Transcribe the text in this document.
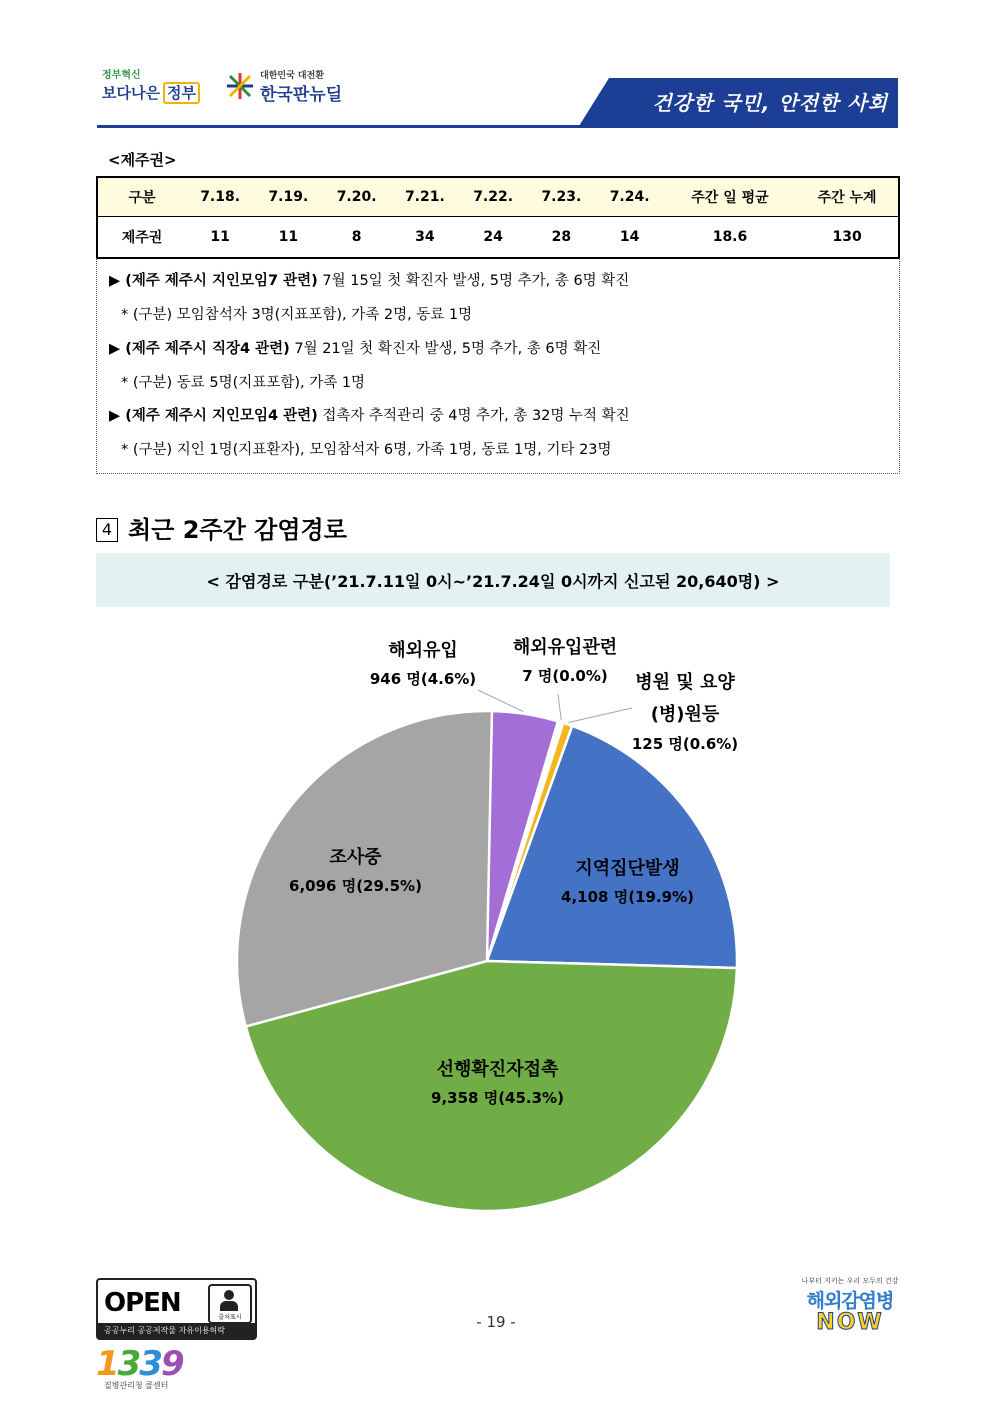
정부혁신
보다나은 정부
대한민국 대전환
한국판뉴딜	건강한 국민, 안전한 사회
<제주권>
구분	7.18.	7.19.	7.20.	7.21.	7.22.	7.23.	7.24.	주간 일 평균	주간 누계
제주권	11	11	8	34	24	28	14	18.6	130
▶ (제주 제주시 지인모임7 관련) 7월 15일 첫 확진자 발생, 5명 추가, 총 6명 확진
* (구분) 모임참석자 3명(지표포함), 가족 2명, 동료 1명
▶ (제주 제주시 직장4 관련) 7월 21일 첫 확진자 발생, 5명 추가, 총 6명 확진
* (구분) 동료 5명(지표포함), 가족 1명
▶ (제주 제주시 지인모임4 관련) 접촉자 추적관리 중 4명 추가, 총 32명 누적 확진
* (구분) 지인 1명(지표환자), 모임참석자 6명, 가족 1명, 동료 1명, 기타 23명
4 최근 2주간 감염경로
< 감염경로 구분(’21.7.11일 0시~’21.7.24일 0시까지 신고된 20,640명) >
해외유입
946 명(4.6%)
해외유입관련
7 명(0.0%)	병원 및 요양(병)원등
125 명(0.6%)
지역집단발생
4,108 명(19.9%)
선행확진자접촉
9,358 명(45.3%)
조사중
6,096 명(29.5%)
OPEN	출처표시
공공누리 공공저작물 자유이용허락	- 19 -
1339
질병관리청 콜센터
나부터 지키는 우리 모두의 건강
해외감염병
NOW
